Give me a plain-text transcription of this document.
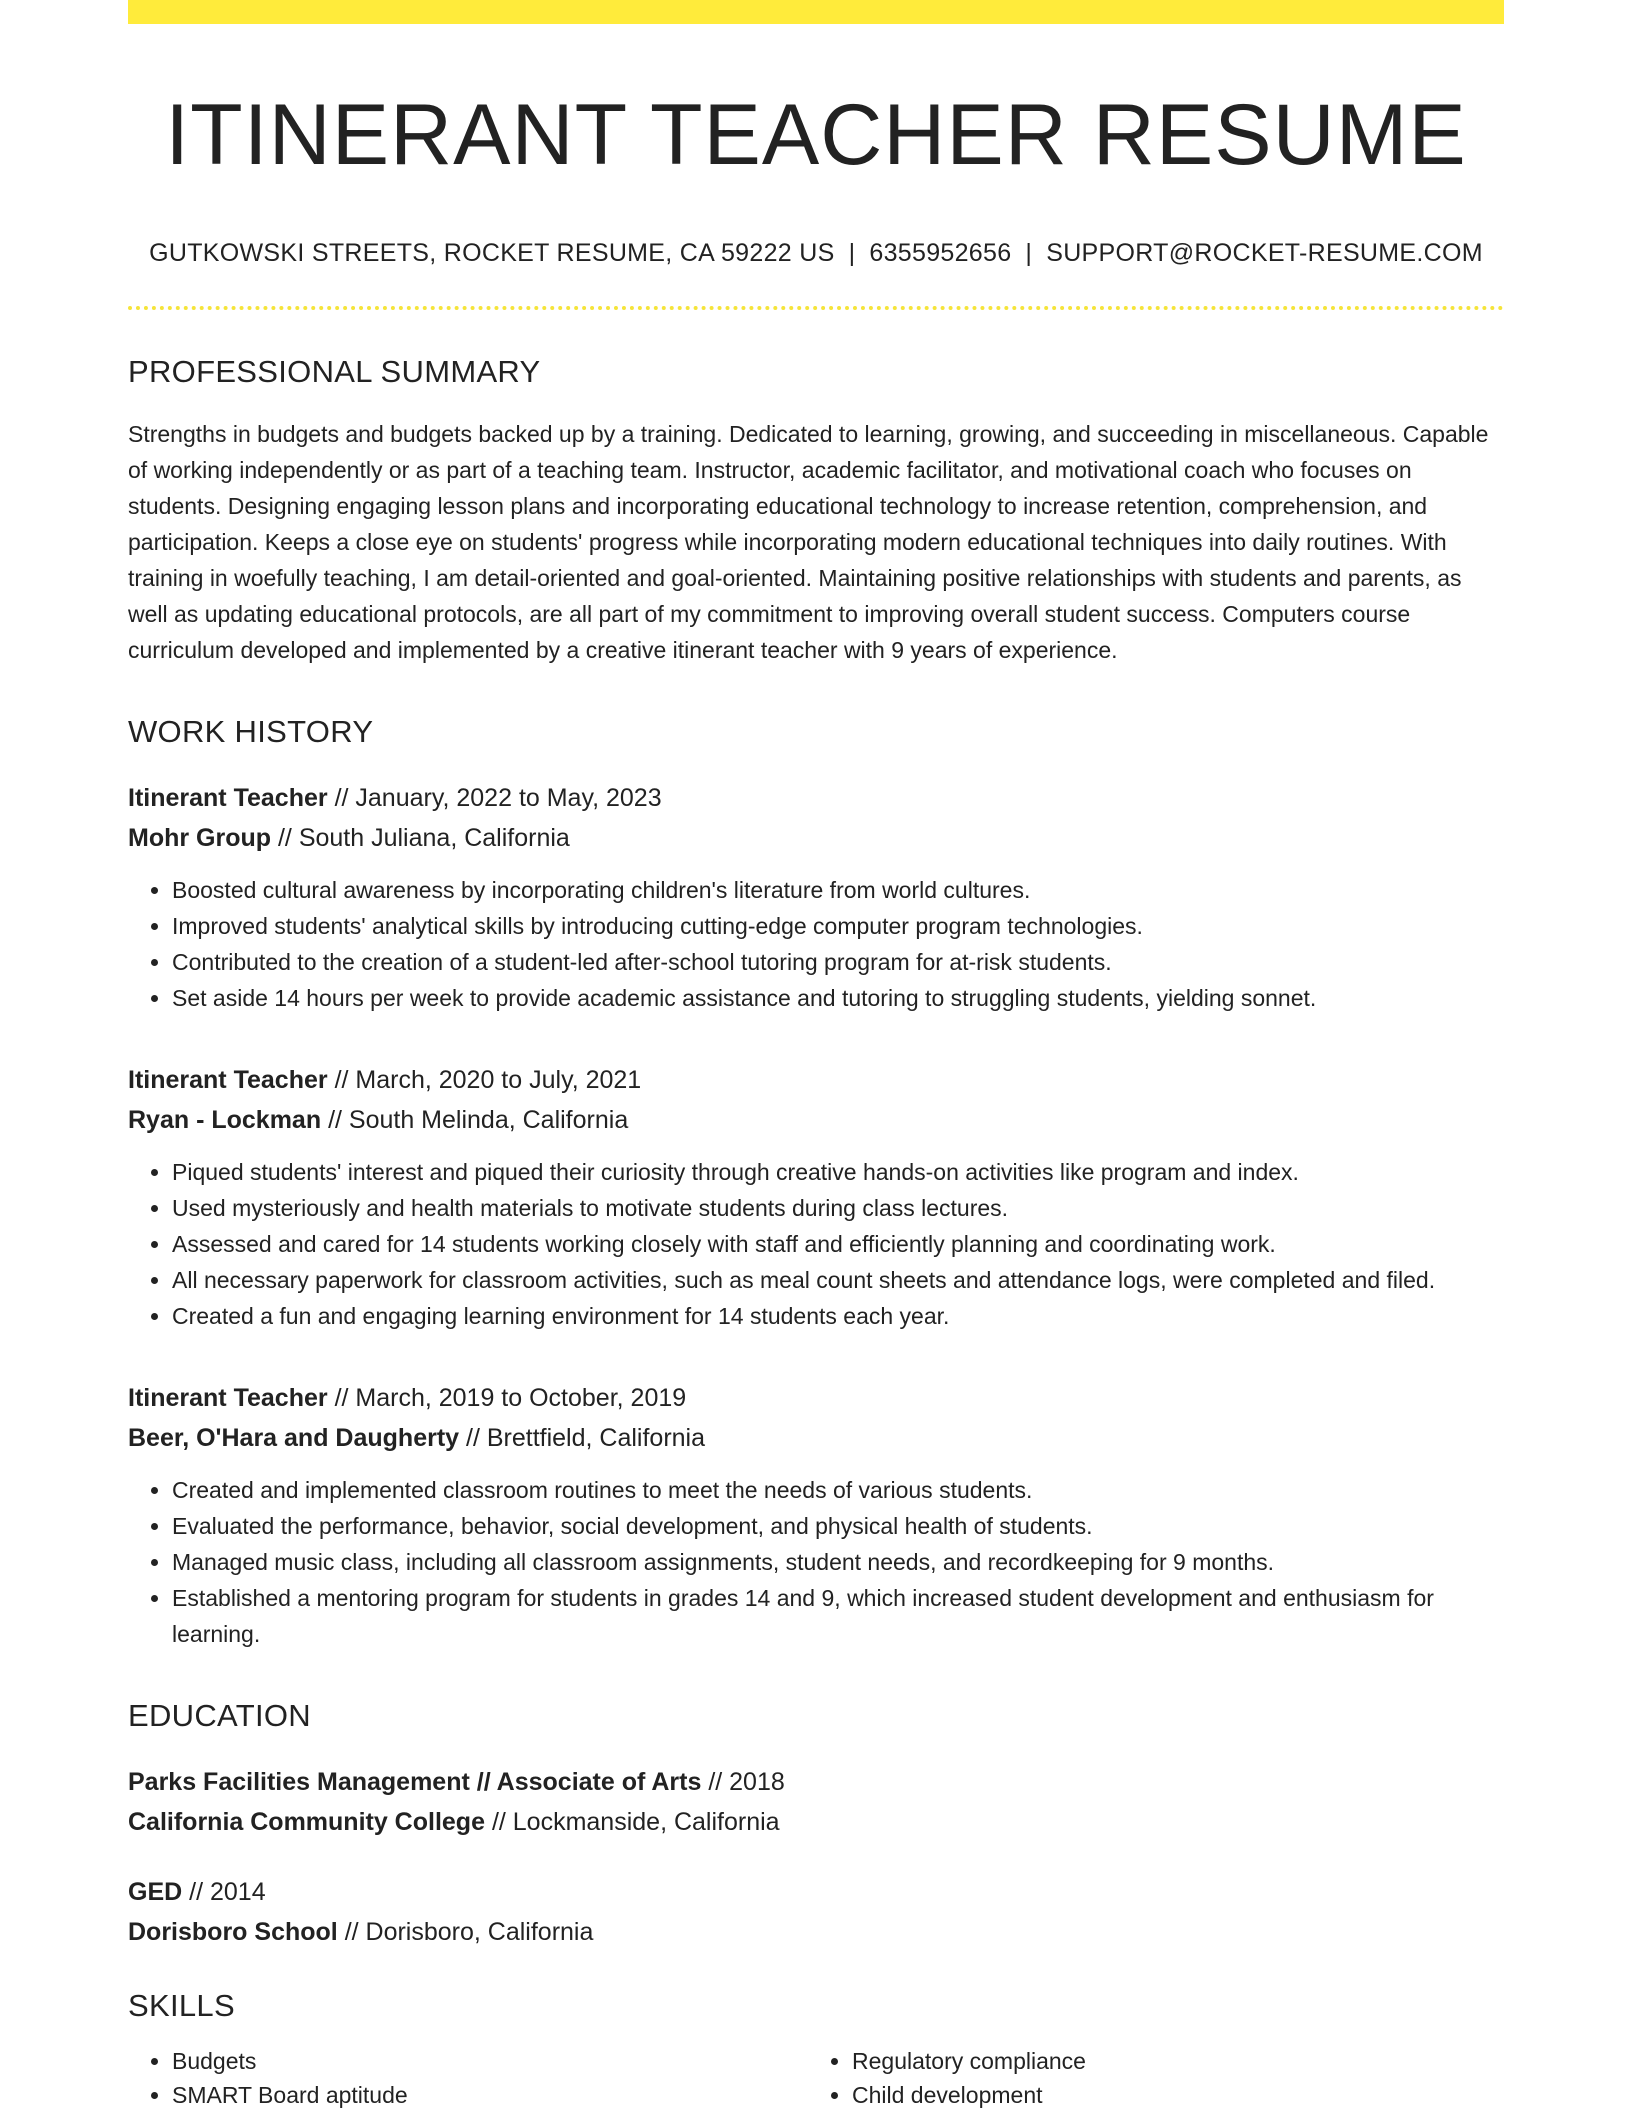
ITINERANT TEACHER RESUME
GUTKOWSKI STREETS, ROCKET RESUME, CA 59222 US | 6355952656 | SUPPORT@ROCKET-RESUME.COM
PROFESSIONAL SUMMARY

Strengths in budgets and budgets backed up by a training. Dedicated to learning, growing, and succeeding in miscellaneous. Capable of working independently or as part of a teaching team. Instructor, academic facilitator, and motivational coach who focuses on students. Designing engaging lesson plans and incorporating educational technology to increase retention, comprehension, and participation. Keeps a close eye on students' progress while incorporating modern educational techniques into daily routines. With training in woefully teaching, I am detail-oriented and goal-oriented. Maintaining positive relationships with students and parents, as well as updating educational protocols, are all part of my commitment to improving overall student success. Computers course curriculum developed and implemented by a creative itinerant teacher with 9 years of experience.

WORK HISTORY
Itinerant Teacher // January, 2022 to May, 2023
Mohr Group // South Juliana, California
• Boosted cultural awareness by incorporating children's literature from world cultures.
• Improved students' analytical skills by introducing cutting-edge computer program technologies.
• Contributed to the creation of a student-led after-school tutoring program for at-risk students.
• Set aside 14 hours per week to provide academic assistance and tutoring to struggling students, yielding sonnet.
Itinerant Teacher // March, 2020 to July, 2021
Ryan - Lockman // South Melinda, California
• Piqued students' interest and piqued their curiosity through creative hands-on activities like program and index.
• Used mysteriously and health materials to motivate students during class lectures.
• Assessed and cared for 14 students working closely with staff and efficiently planning and coordinating work.
• All necessary paperwork for classroom activities, such as meal count sheets and attendance logs, were completed and filed.
• Created a fun and engaging learning environment for 14 students each year.
Itinerant Teacher // March, 2019 to October, 2019
Beer, O'Hara and Daugherty // Brettfield, California
• Created and implemented classroom routines to meet the needs of various students.
• Evaluated the performance, behavior, social development, and physical health of students.
• Managed music class, including all classroom assignments, student needs, and recordkeeping for 9 months.
• Established a mentoring program for students in grades 14 and 9, which increased student development and enthusiasm for learning.
EDUCATION
Parks Facilities Management // Associate of Arts // 2018
California Community College // Lockmanside, California
GED // 2014
Dorisboro School // Dorisboro, California
SKILLS
• Budgets
• SMART Board aptitude
• Regulatory compliance
• Child development
